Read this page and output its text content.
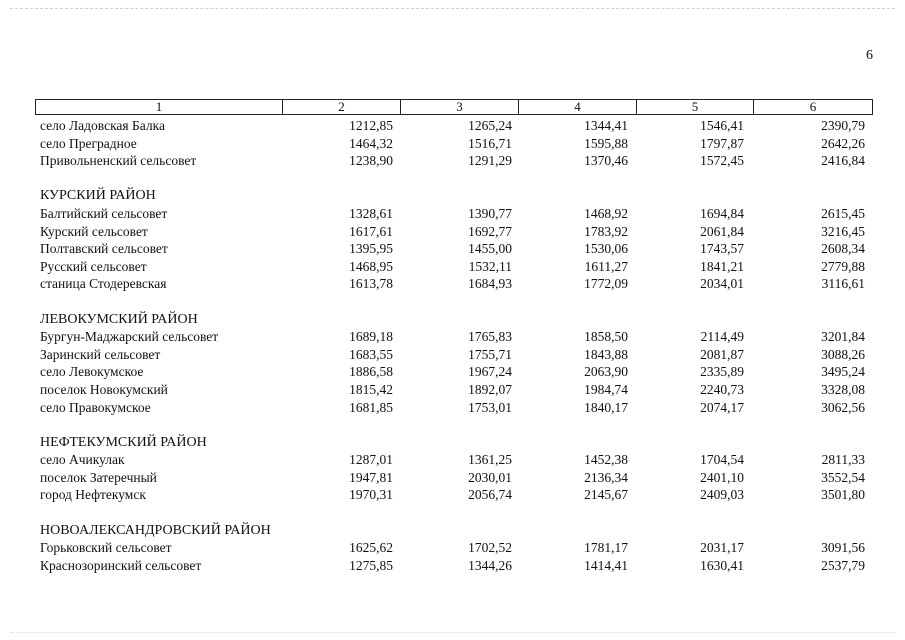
6
1	2	3	4	5	6
село Ладовская Балка	1212,85	1265,24	1344,41	1546,41	2390,79
село Преградное	1464,32	1516,71	1595,88	1797,87	2642,26
Привольненский сельсовет	1238,90	1291,29	1370,46	1572,45	2416,84
КУРСКИЙ РАЙОН
Балтийский сельсовет	1328,61	1390,77	1468,92	1694,84	2615,45
Курский сельсовет	1617,61	1692,77	1783,92	2061,84	3216,45
Полтавский сельсовет	1395,95	1455,00	1530,06	1743,57	2608,34
Русский сельсовет	1468,95	1532,11	1611,27	1841,21	2779,88
станица Стодеревская	1613,78	1684,93	1772,09	2034,01	3116,61
ЛЕВОКУМСКИЙ РАЙОН
Бургун-Маджарский сельсовет	1689,18	1765,83	1858,50	2114,49	3201,84
Заринский сельсовет	1683,55	1755,71	1843,88	2081,87	3088,26
село Левокумское	1886,58	1967,24	2063,90	2335,89	3495,24
поселок Новокумский	1815,42	1892,07	1984,74	2240,73	3328,08
село Правокумское	1681,85	1753,01	1840,17	2074,17	3062,56
НЕФТЕКУМСКИЙ РАЙОН
село Ачикулак	1287,01	1361,25	1452,38	1704,54	2811,33
поселок Затеречный	1947,81	2030,01	2136,34	2401,10	3552,54
город Нефтекумск	1970,31	2056,74	2145,67	2409,03	3501,80
НОВОАЛЕКСАНДРОВСКИЙ РАЙОН
Горьковский сельсовет	1625,62	1702,52	1781,17	2031,17	3091,56
Краснозоринский сельсовет	1275,85	1344,26	1414,41	1630,41	2537,79
